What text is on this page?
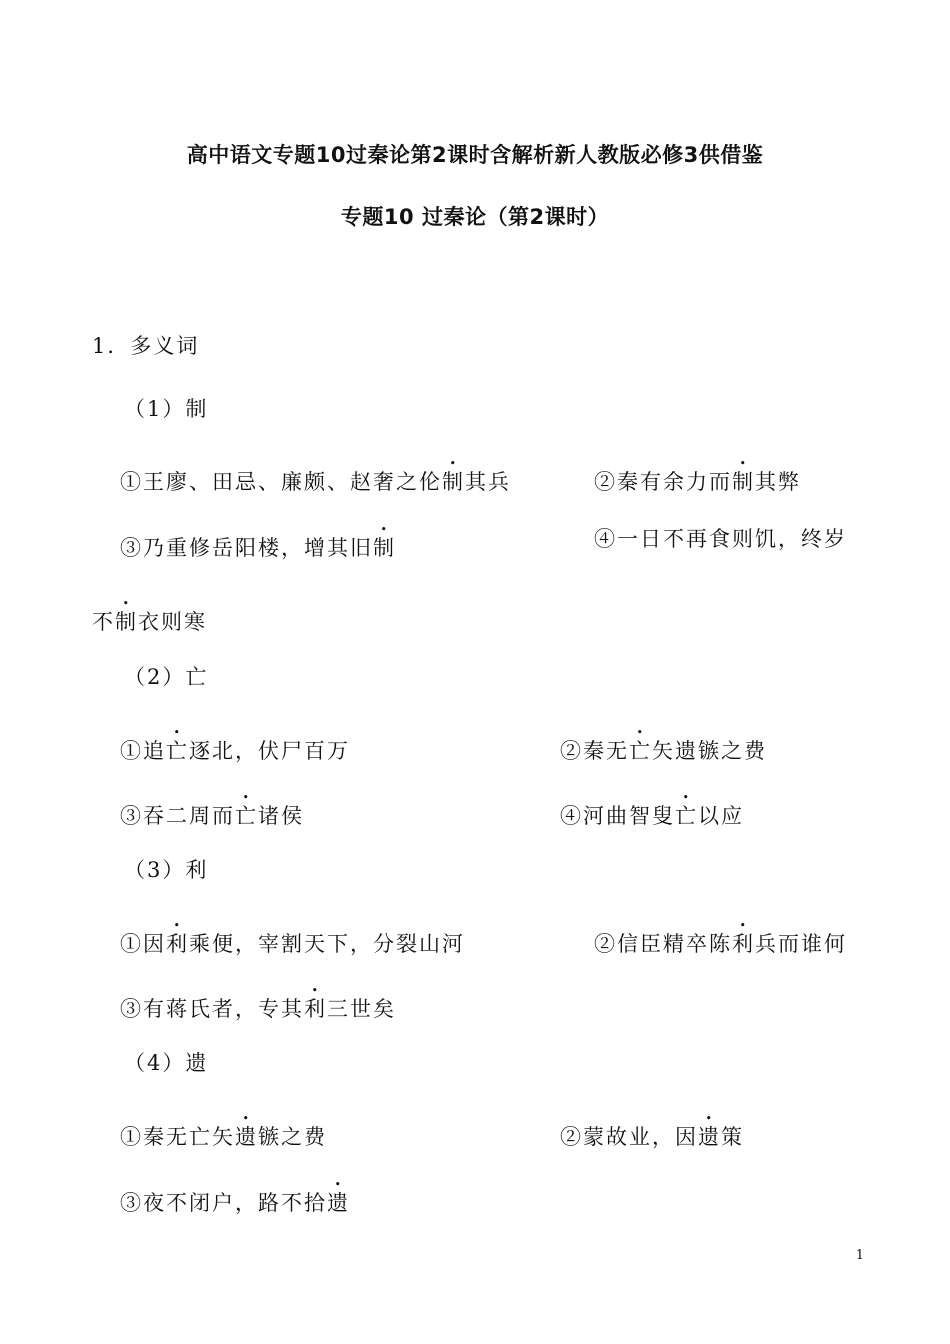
高中语文专题10过秦论第2课时含解析新人教版必修3供借鉴
专题10 过秦论（第2课时）
1．多义词
（1）制
①王廖、田忌、廉颇、赵奢之伦制其兵	②秦有余力而制其弊
③乃重修岳阳楼，增其旧制	④一日不再食则饥，终岁
不制衣则寒
（2）亡
①追亡逐北，伏尸百万	②秦无亡矢遗镞之费
③吞二周而亡诸侯	④河曲智叟亡以应
（3）利
①因利乘便，宰割天下，分裂山河	②信臣精卒陈利兵而谁何
③有蒋氏者，专其利三世矣
（4）遗
①秦无亡矢遗镞之费	②蒙故业，因遗策
③夜不闭户，路不拾遗
1
